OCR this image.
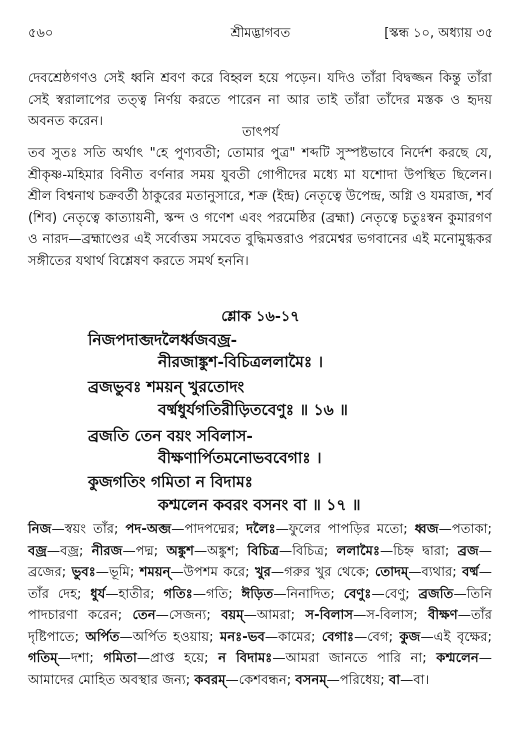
৫৬০	শ্রীমদ্ভাগবত	[স্কন্ধ ১০, অধ্যায় ৩৫

দেবশ্রেষ্ঠগণও সেই ধ্বনি শ্রবণ করে বিহ্বল হয়ে পড়েন। যদিও তাঁরা বিদ্বজ্জন কিন্তু তাঁরা সেই স্বরালাপের তত্ত্ব নির্ণয় করতে পারেন না আর তাই তাঁরা তাঁদের মস্তক ও হৃদয় অবনত করেন।

তাৎপর্য

তব সুতঃ সতি অর্থাৎ "হে পুণ্যবতী; তোমার পুত্র" শব্দটি সুস্পষ্টভাবে নির্দেশ করছে যে, শ্রীকৃষ্ণ-মহিমার বিনীত বর্ণনার সময় যুবতী গোপীদের মধ্যে মা যশোদা উপস্থিত ছিলেন। শ্রীল বিশ্বনাথ চক্রবর্তী ঠাকুরের মতানুসারে, শক্র (ইন্দ্র) নেতৃত্বে উপেন্দ্র, অগ্নি ও যমরাজ, শর্ব (শিব) নেতৃত্বে কাত্যায়নী, স্কন্দ ও গণেশ এবং পরমেষ্ঠির (ব্রহ্মা) নেতৃত্বে চতুঃস্বন কুমারগণ ও নারদ—ব্রহ্মাণ্ডের এই সর্বোত্তম সমবেত বুদ্ধিমত্তরাও পরমেশ্বর ভগবানের এই মনোমুগ্ধকর সঙ্গীতের যথার্থ বিশ্লেষণ করতে সমর্থ হননি।

শ্লোক ১৬-১৭
নিজপদাব্জদলৈর্ধ্বজবজ্র-
নীরজাঙ্কুশ-বিচিত্রললামৈঃ ।
ব্রজভুবঃ শময়ন্ খুরতোদং
বর্ষ্মধুর্যগতিরীড়িতবেণুঃ ॥ ১৬ ॥
ব্রজতি তেন বয়ং সবিলাস-
বীক্ষণার্পিতমনোভববেগাঃ ।
কুজগতিং গমিতা ন বিদামঃ
কশ্মলেন কবরং বসনং বা ॥ ১৭ ॥

নিজ—স্বয়ং তাঁর; পদ-অব্জ—পাদপদ্মের; দলৈঃ—ফুলের পাপড়ির মতো; ধ্বজ—পতাকা; বজ্র—বজ্র; নীরজ—পদ্ম; অঙ্কুশ—অঙ্কুশ; বিচিত্র—বিচিত্র; ললামৈঃ—চিহ্ন দ্বারা; ব্রজ—ব্রজের; ভুবঃ—ভূমি; শময়ন্—উপশম করে; খুর—গরুর খুর থেকে; তোদম্—ব্যথার; বর্ষ্ম—তাঁর দেহ; ধুর্য—হাতীর; গতিঃ—গতি; ঈড়িত—নিনাদিত; বেণুঃ—বেণু; ব্রজতি—তিনি পাদচারণা করেন; তেন—সেজন্য; বয়ম্—আমরা; স-বিলাস—স-বিলাস; বীক্ষণ—তাঁর দৃষ্টিপাতে; অর্পিত—অর্পিত হওয়ায়; মনঃ-ভব—কামের; বেগাঃ—বেগ; কুজ—এই বৃক্ষের; গতিম্—দশা; গমিতা—প্রাপ্ত হয়ে; ন বিদামঃ—আমরা জানতে পারি না; কশ্মলেন—আমাদের মোহিত অবস্থার জন্য; কবরম্—কেশবন্ধন; বসনম্—পরিধেয়; বা—বা।
